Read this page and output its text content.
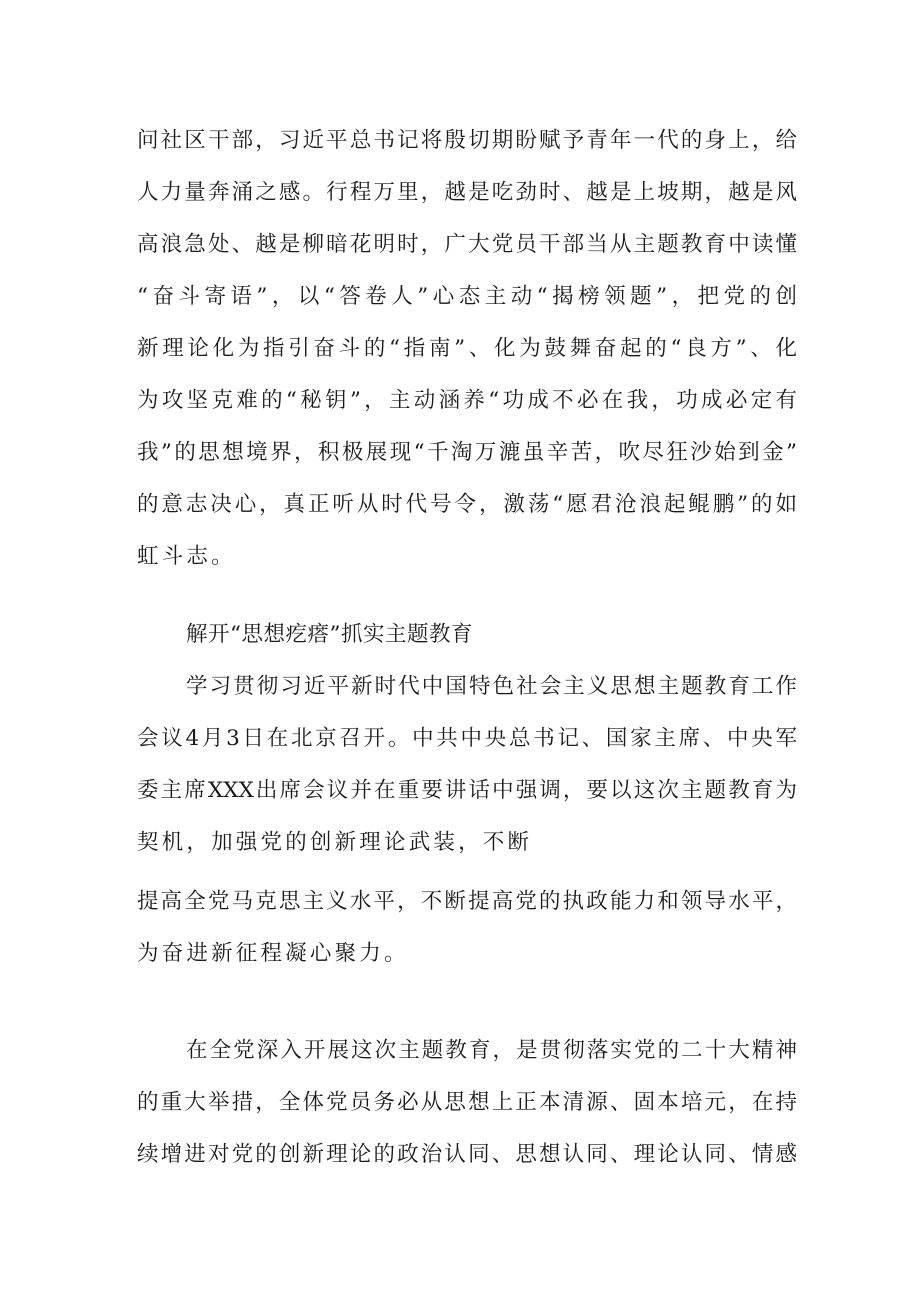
问社区干部，习近平总书记将殷切期盼赋予青年一代的身上，给
人力量奔涌之感。行程万里，越是吃劲时、越是上坡期，越是风
高浪急处、越是柳暗花明时，广大党员干部当从主题教育中读懂
“奋斗寄语”，以“答卷人”心态主动“揭榜领题”，把党的创
新理论化为指引奋斗的“指南”、化为鼓舞奋起的“良方”、化
为攻坚克难的“秘钥”，主动涵养“功成不必在我，功成必定有
我”的思想境界，积极展现“千淘万漉虽辛苦，吹尽狂沙始到金”
的意志决心，真正听从时代号令，激荡“愿君沧浪起鲲鹏”的如
虹斗志。
解开“思想疙瘩”抓实主题教育
学习贯彻习近平新时代中国特色社会主义思想主题教育工作
会议4月3日在北京召开。中共中央总书记、国家主席、中央军
委主席XXX出席会议并在重要讲话中强调，要以这次主题教育为
契机，加强党的创新理论武装，不断
提高全党马克思主义水平，不断提高党的执政能力和领导水平，
为奋进新征程凝心聚力。
在全党深入开展这次主题教育，是贯彻落实党的二十大精神
的重大举措，全体党员务必从思想上正本清源、固本培元，在持
续增进对党的创新理论的政治认同、思想认同、理论认同、情感
